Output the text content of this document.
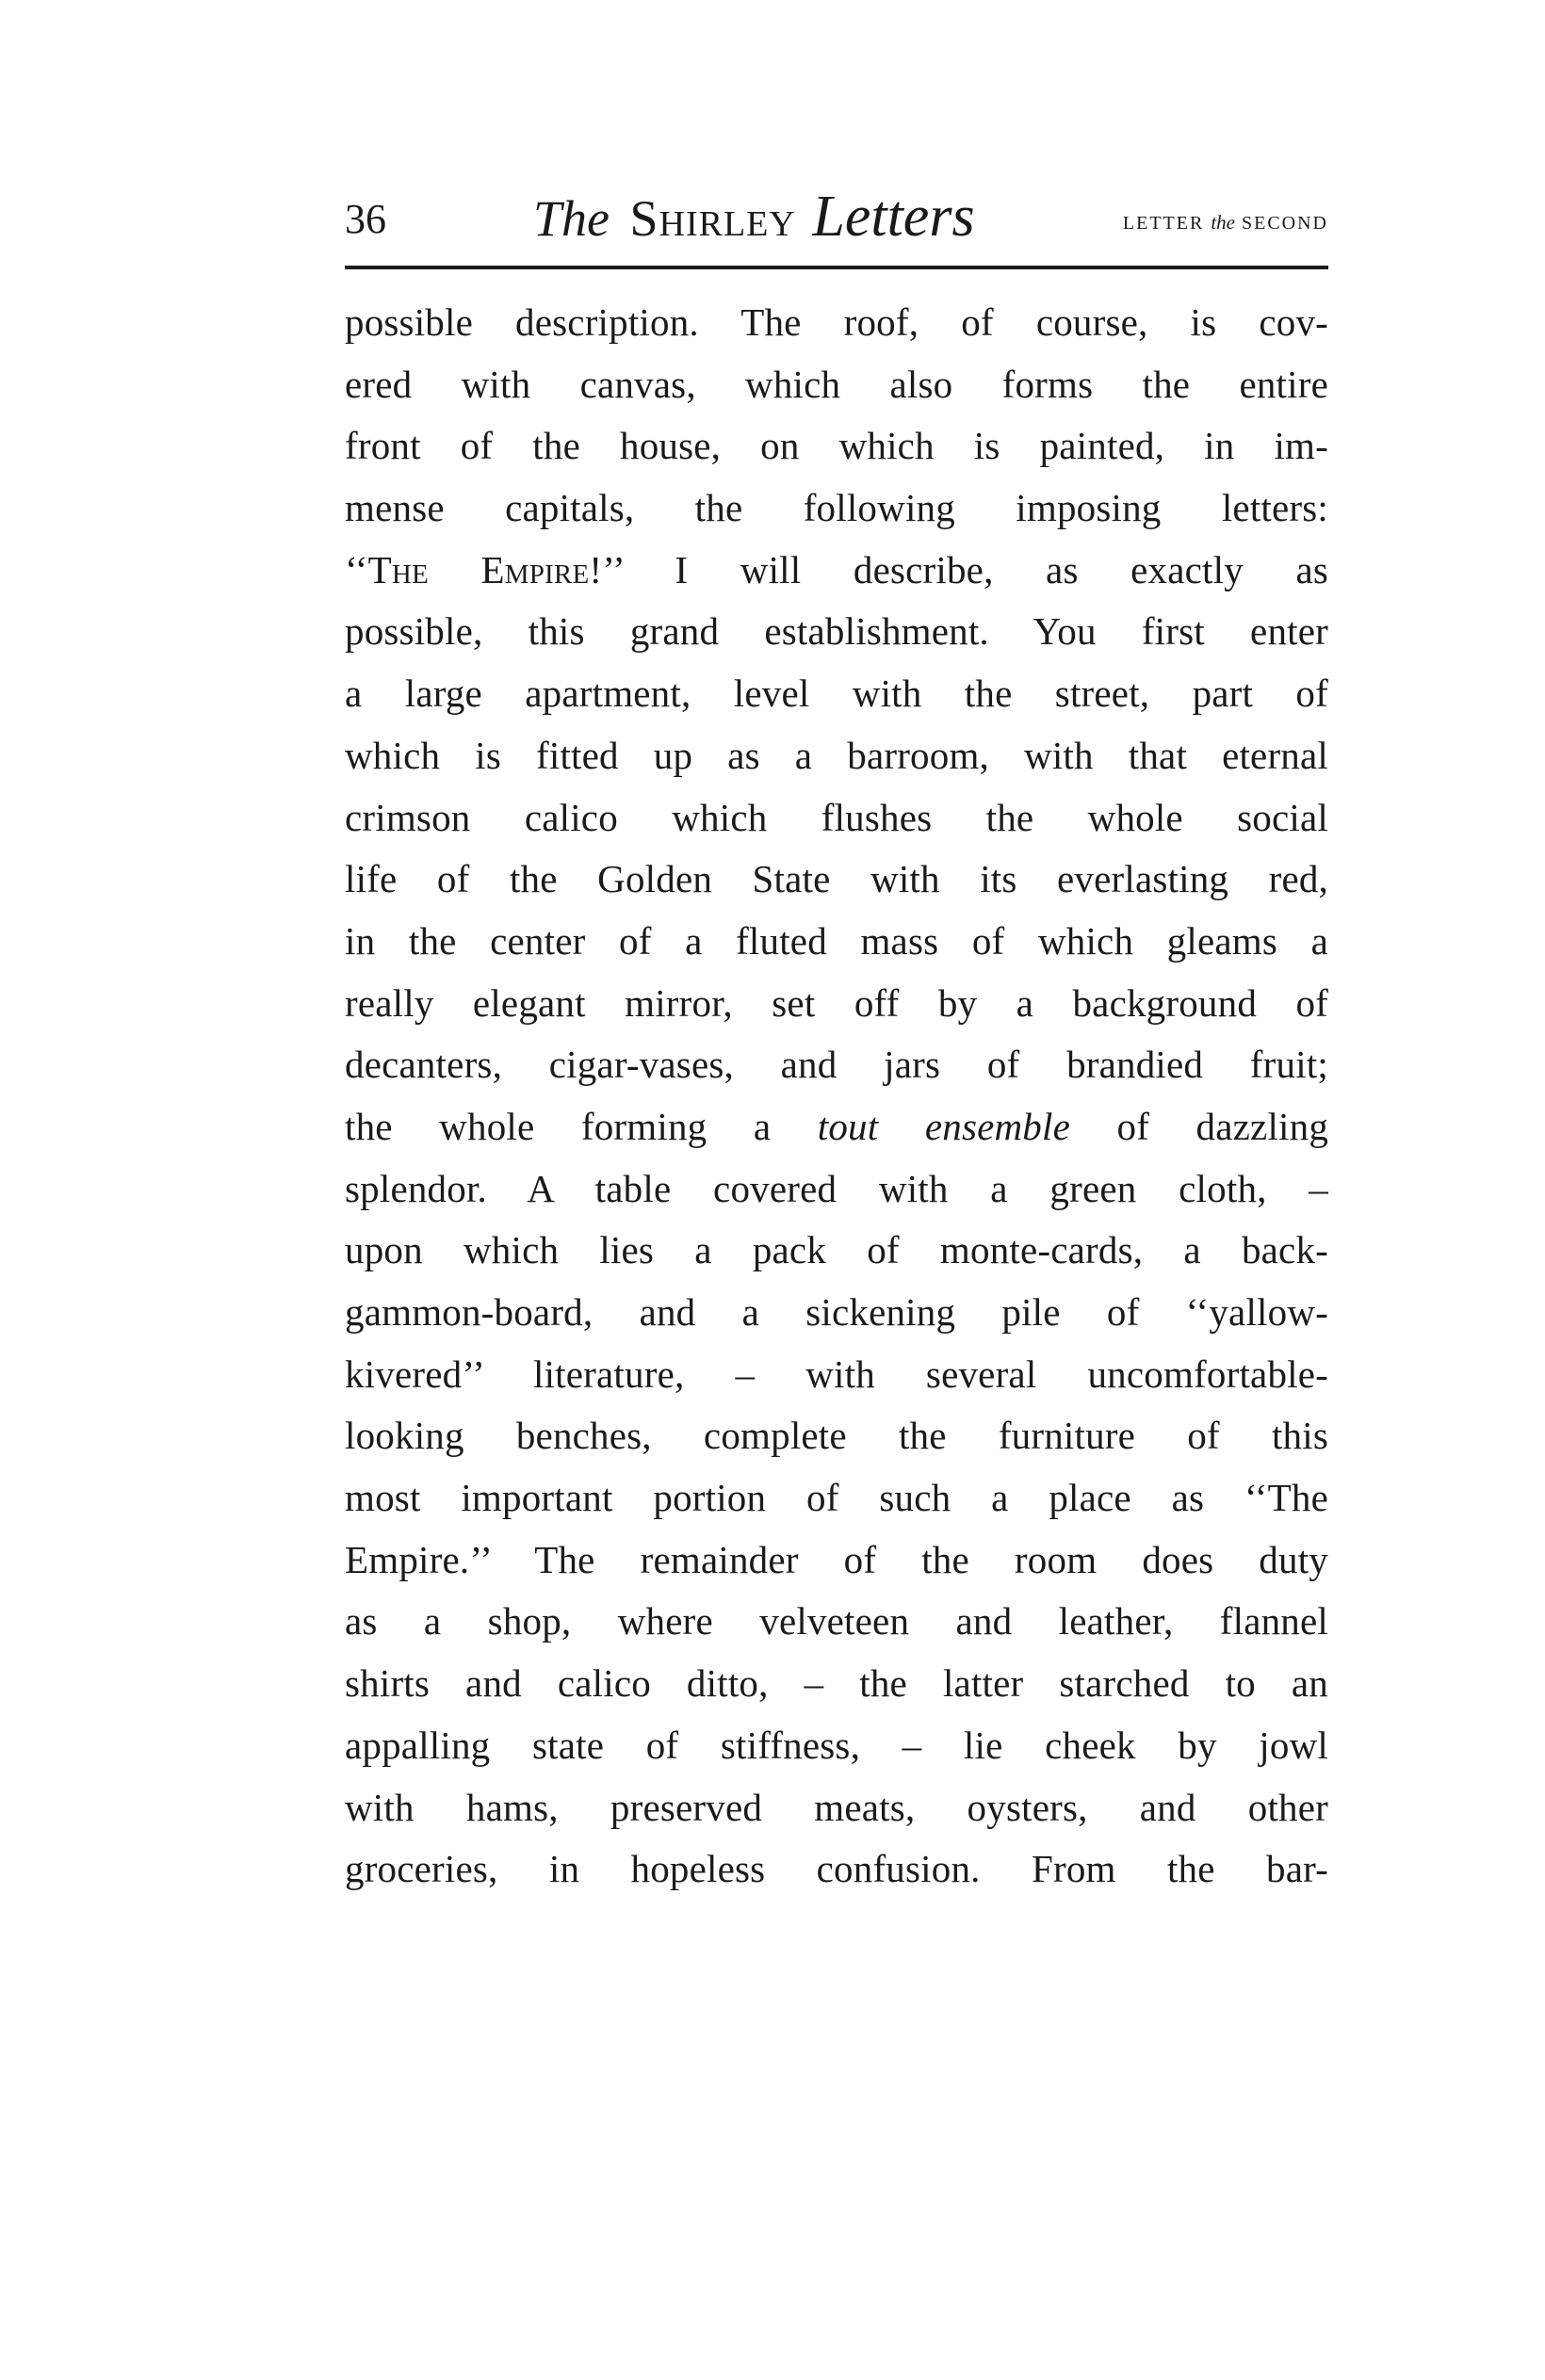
36	The Shirley Letters	LETTER the SECOND
possible description. The roof, of course, is cov-
ered with canvas, which also forms the entire
front of the house, on which is painted, in im-
mense capitals, the following imposing letters:
‘‘The Empire!’’ I will describe, as exactly as
possible, this grand establishment. You first enter
a large apartment, level with the street, part of
which is fitted up as a barroom, with that eternal
crimson calico which flushes the whole social
life of the Golden State with its everlasting red,
in the center of a fluted mass of which gleams a
really elegant mirror, set off by a background of
decanters, cigar-vases, and jars of brandied fruit;
the whole forming a tout ensemble of dazzling
splendor. A table covered with a green cloth, –
upon which lies a pack of monte-cards, a back-
gammon-board, and a sickening pile of ‘‘yallow-
kivered’’ literature, – with several uncomfortable-
looking benches, complete the furniture of this
most important portion of such a place as ‘‘The
Empire.’’ The remainder of the room does duty
as a shop, where velveteen and leather, flannel
shirts and calico ditto, – the latter starched to an
appalling state of stiffness, – lie cheek by jowl
with hams, preserved meats, oysters, and other
groceries, in hopeless confusion. From the bar-
